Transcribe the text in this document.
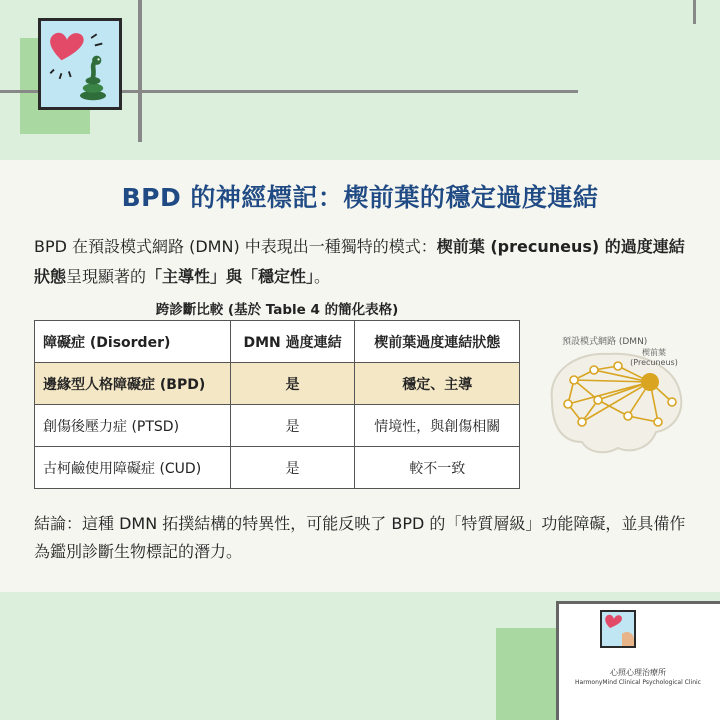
BPD 的神經標記：楔前葉的穩定過度連結
BPD 在預設模式網路 (DMN) 中表現出一種獨特的模式：楔前葉 (precuneus) 的過度連結狀態呈現顯著的「主導性」與「穩定性」。
跨診斷比較 (基於 Table 4 的簡化表格)
障礙症 (Disorder)	DMN 過度連結	楔前葉過度連結狀態
邊緣型人格障礙症 (BPD)	是	穩定、主導
創傷後壓力症 (PTSD)	是	情境性，與創傷相關
古柯鹼使用障礙症 (CUD)	是	較不一致
預設模式網路 (DMN)
楔前葉
(Precuneus)
結論：這種 DMN 拓撲結構的特異性，可能反映了 BPD 的「特質層級」功能障礙，並具備作為鑑別診斷生物標記的潛力。
心照心理治療所
HarmonyMind Clinical Psychological Clinic
